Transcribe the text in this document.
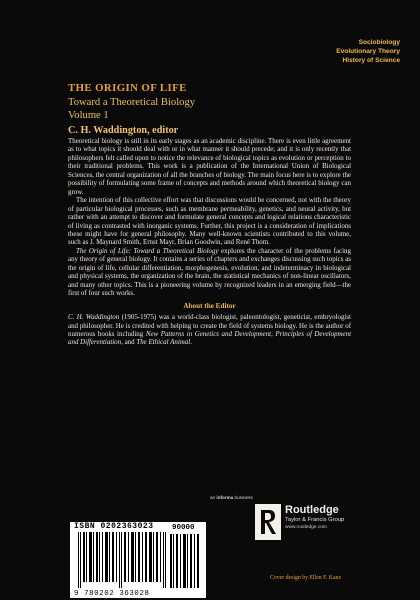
Sociobiology
Evolutionary Theory
History of Science
THE ORIGIN OF LIFE
Toward a Theoretical Biology
Volume 1
C. H. Waddington, editor

Theoretical biology is still in its early stages as an academic discipline. There is even little agreement as to what topics it should deal with or in what manner it should precede; and it is only recently that philosophers felt called upon to notice the relevance of biological topics as evolution or perception to their traditional problems. This work is a publication of the International Union of Biological Sciences, the central organization of all the branches of biology. The main focus here is to explore the possibility of formulating some frame of concepts and methods around which theoretical biology can grow.

The intention of this collective effort was that discussions would be concerned, not with the theory of particular biological processes, such as membrane permeability, genetics, and neural activity, but rather with an attempt to discover and formulate general concepts and logical relations characteristic of living as contrasted with inorganic systems. Further, this project is a consideration of implications these might have for general philosophy. Many well-known scientists contributed to this volume, such as J. Maynard Smith, Ernst Mayr, Brian Goodwin, and René Thom.

The Origin of Life: Toward a Theoretical Biology explores the character of the problems facing any theory of general biology. It contains a series of chapters and exchanges discussing such topics as the origin of life, cellular differentiation, morphogenesis, evolution, and indeterminacy in biological and physical systems, the organization of the brain, the statistical mechanics of non-linear oscillators, and many other topics. This is a pioneering volume by recognized leaders in an emerging field—the first of four such works.

About the Editor

C. H. Waddington (1905-1975) was a world-class biologist, paleontologist, geneticist, embryologist and philosopher. He is credited with helping to create the field of systems biology. He is the author of numerous books including New Patterns in Genetics and Development, Principles of Development and Differentiation, and The Ethical Animal.

ISBN 0202363023 90000
9 780202 363028
an informa business
Routledge
Taylor & Francis Group
www.routledge.com
Cover design by Ellen F. Kane
